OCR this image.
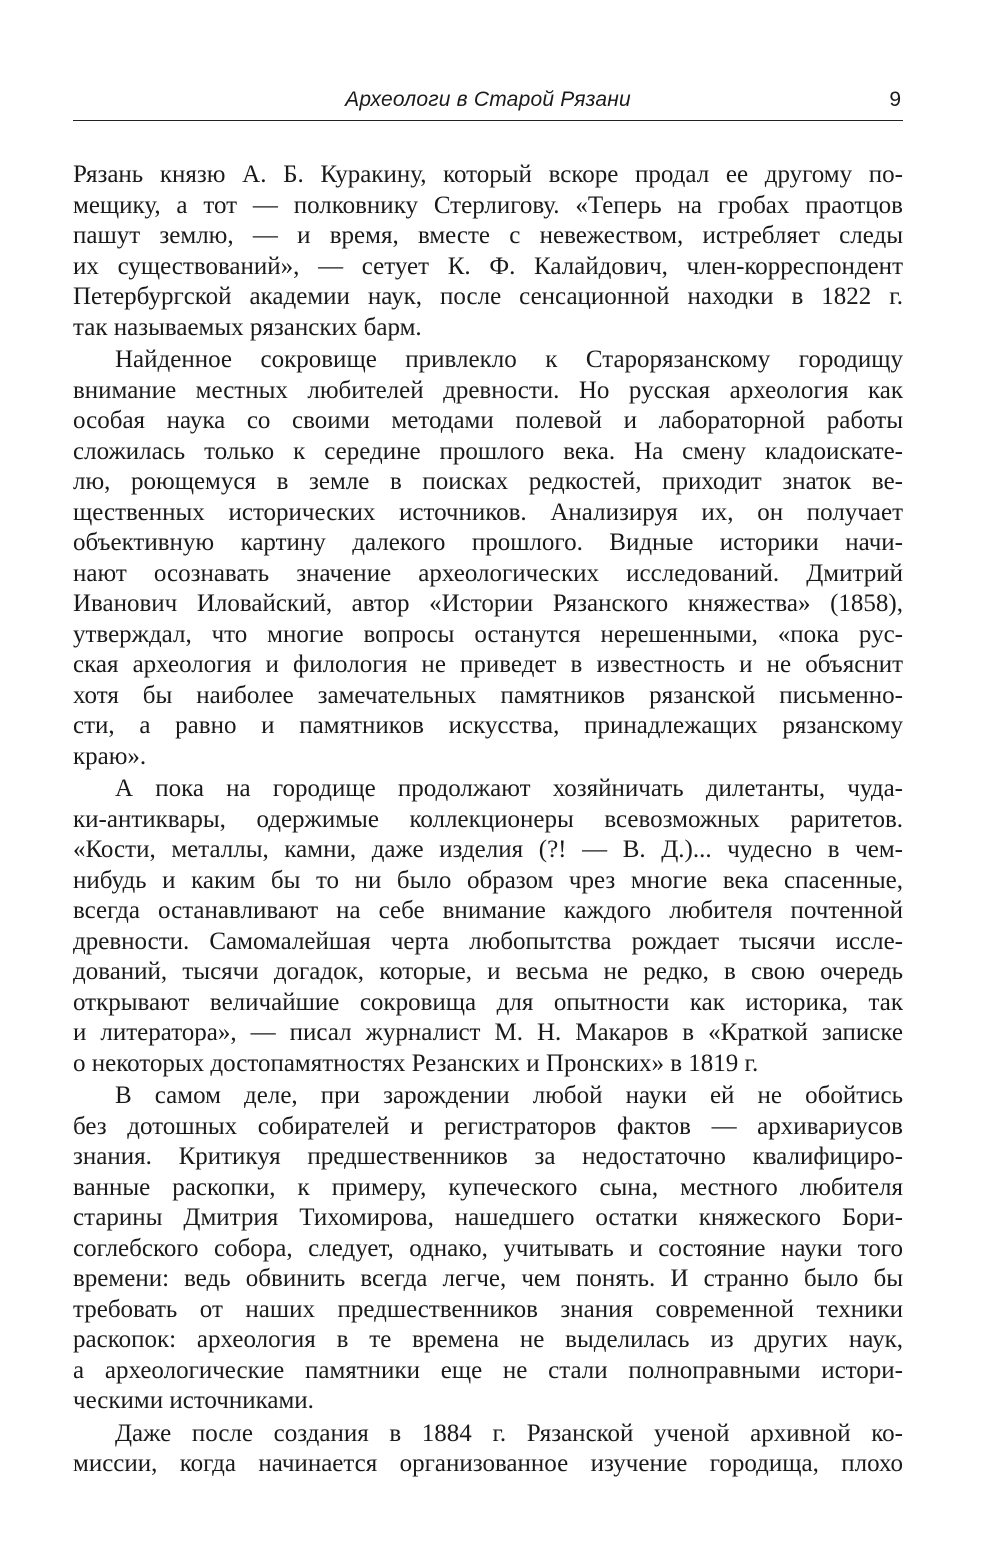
Археологи в Старой Рязани	9
Рязань князю А. Б. Куракину, который вскоре продал ее другому по-
мещику, а тот — полковнику Стерлигову. «Теперь на гробах праотцов
пашут землю, — и время, вместе с невежеством, истребляет следы
их существований», — сетует К. Ф. Калайдович, член-корреспондент
Петербургской академии наук, после сенсационной находки в 1822 г.
так называемых рязанских барм.
Найденное сокровище привлекло к Старорязанскому городищу
внимание местных любителей древности. Но русская археология как
особая наука со своими методами полевой и лабораторной работы
сложилась только к середине прошлого века. На смену кладоискате-
лю, роющемуся в земле в поисках редкостей, приходит знаток ве-
щественных исторических источников. Анализируя их, он получает
объективную картину далекого прошлого. Видные историки начи-
нают осознавать значение археологических исследований. Дмитрий
Иванович Иловайский, автор «Истории Рязанского княжества» (1858),
утверждал, что многие вопросы останутся нерешенными, «пока рус-
ская археология и филология не приведет в известность и не объяснит
хотя бы наиболее замечательных памятников рязанской письменно-
сти, а равно и памятников искусства, принадлежащих рязанскому
краю».
А пока на городище продолжают хозяйничать дилетанты, чуда-
ки-антиквары, одержимые коллекционеры всевозможных раритетов.
«Кости, металлы, камни, даже изделия (?! — В. Д.)... чудесно в чем-
нибудь и каким бы то ни было образом чрез многие века спасенные,
всегда останавливают на себе внимание каждого любителя почтенной
древности. Самомалейшая черта любопытства рождает тысячи иссле-
дований, тысячи догадок, которые, и весьма не редко, в свою очередь
открывают величайшие сокровища для опытности как историка, так
и литератора», — писал журналист М. Н. Макаров в «Краткой записке
о некоторых достопамятностях Резанских и Пронских» в 1819 г.
В самом деле, при зарождении любой науки ей не обойтись
без дотошных собирателей и регистраторов фактов — архивариусов
знания. Критикуя предшественников за недостаточно квалифициро-
ванные раскопки, к примеру, купеческого сына, местного любителя
старины Дмитрия Тихомирова, нашедшего остатки княжеского Бори-
соглебского собора, следует, однако, учитывать и состояние науки того
времени: ведь обвинить всегда легче, чем понять. И странно было бы
требовать от наших предшественников знания современной техники
раскопок: археология в те времена не выделилась из других наук,
а археологические памятники еще не стали полноправными истори-
ческими источниками.
Даже после создания в 1884 г. Рязанской ученой архивной ко-
миссии, когда начинается организованное изучение городища, плохо
